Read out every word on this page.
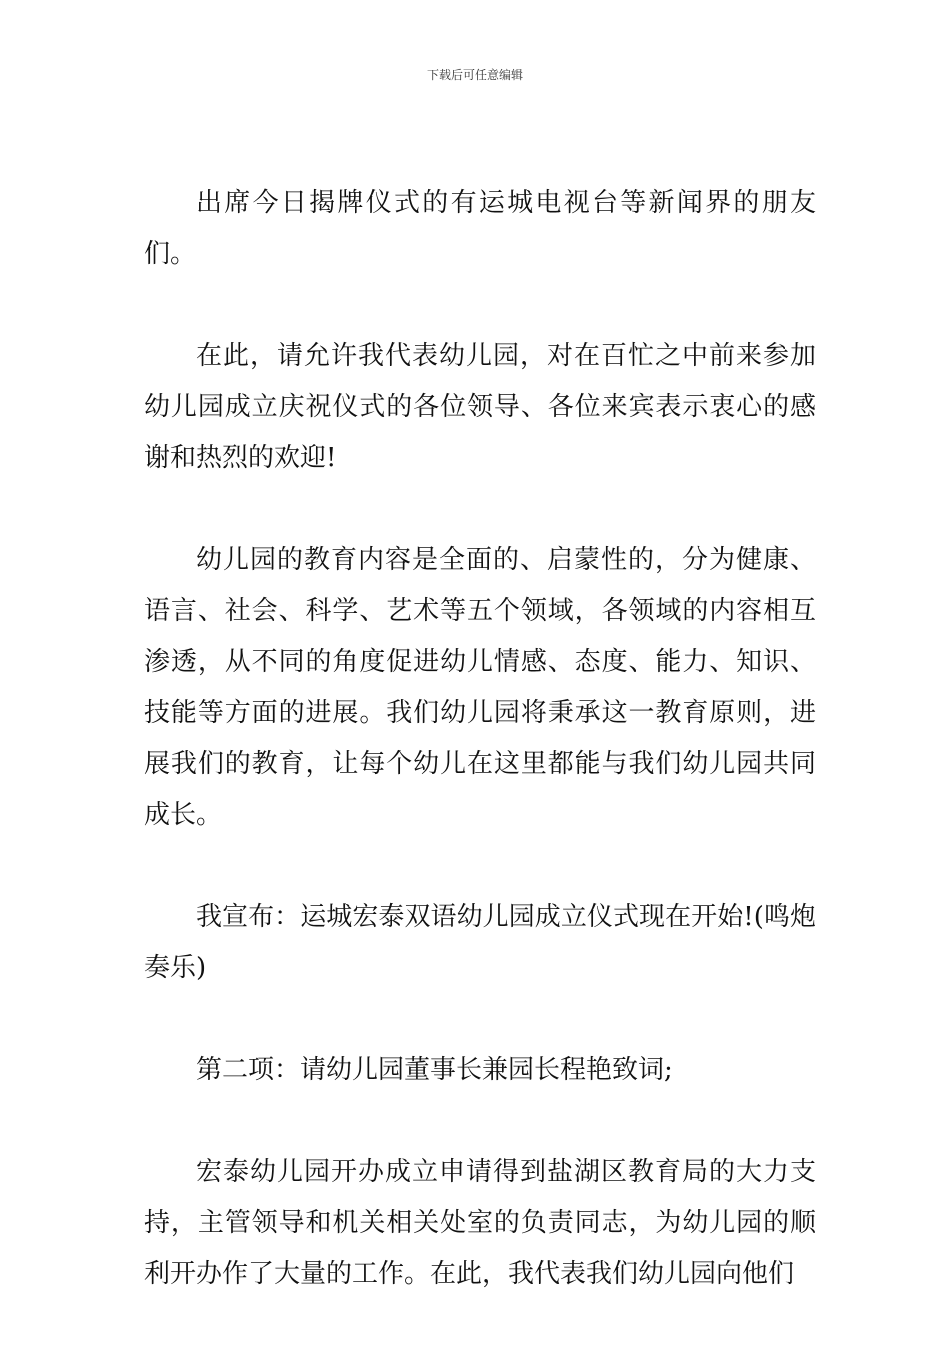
下载后可任意编辑

出席今日揭牌仪式的有运城电视台等新闻界的朋友们。

在此，请允许我代表幼儿园，对在百忙之中前来参加幼儿园成立庆祝仪式的各位领导、各位来宾表示衷心的感谢和热烈的欢迎!

幼儿园的教育内容是全面的、启蒙性的，分为健康、语言、社会、科学、艺术等五个领域，各领域的内容相互渗透，从不同的角度促进幼儿情感、态度、能力、知识、技能等方面的进展。我们幼儿园将秉承这一教育原则，进展我们的教育，让每个幼儿在这里都能与我们幼儿园共同成长。

我宣布：运城宏泰双语幼儿园成立仪式现在开始!(鸣炮奏乐)

第二项：请幼儿园董事长兼园长程艳致词;

宏泰幼儿园开办成立申请得到盐湖区教育局的大力支持，主管领导和机关相关处室的负责同志，为幼儿园的顺利开办作了大量的工作。在此，我代表我们幼儿园向他们
